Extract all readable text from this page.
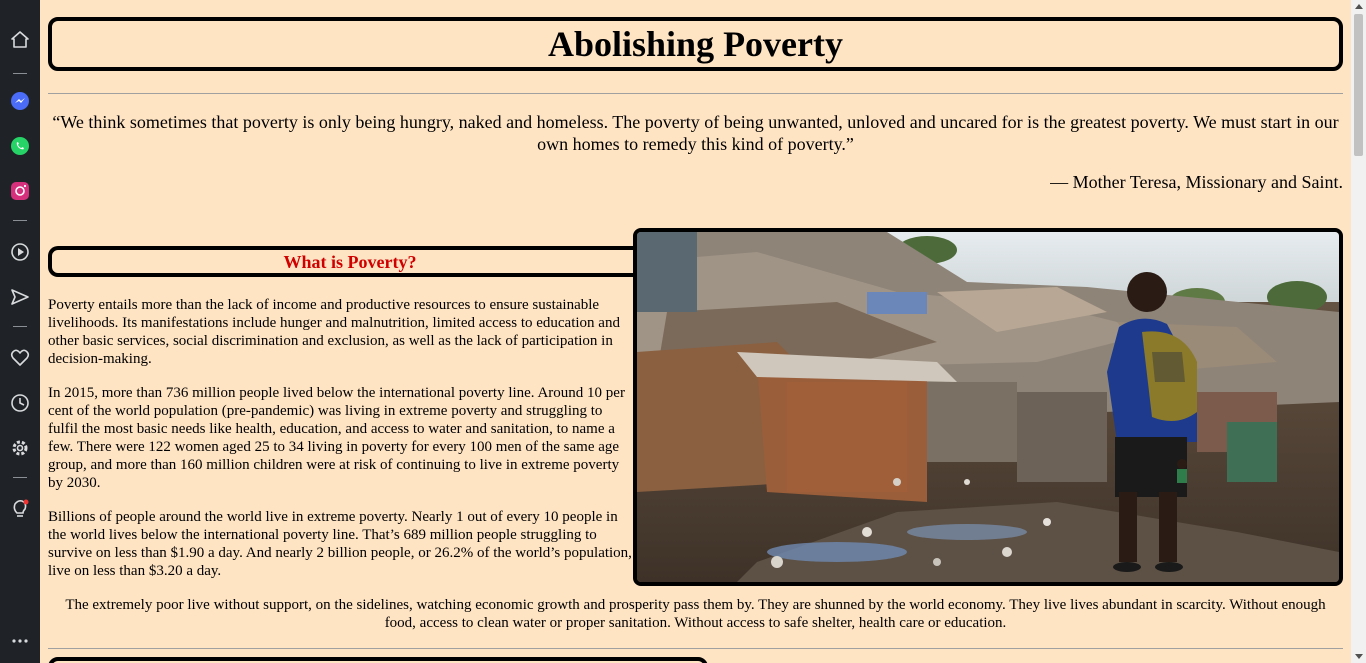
Abolishing Poverty

“We think sometimes that poverty is only being hungry, naked and homeless. The poverty of being unwanted, unloved and uncared for is the greatest poverty. We must start in our own homes to remedy this kind of poverty.”

— Mother Teresa, Missionary and Saint.

What is Poverty?

Poverty entails more than the lack of income and productive resources to ensure sustainable livelihoods. Its manifestations include hunger and malnutrition, limited access to education and other basic services, social discrimination and exclusion, as well as the lack of participation in decision-making.

In 2015, more than 736 million people lived below the international poverty line. Around 10 per cent of the world population (pre-pandemic) was living in extreme poverty and struggling to fulfil the most basic needs like health, education, and access to water and sanitation, to name a few. There were 122 women aged 25 to 34 living in poverty for every 100 men of the same age group, and more than 160 million children were at risk of continuing to live in extreme poverty by 2030.

Billions of people around the world live in extreme poverty. Nearly 1 out of every 10 people in the world lives below the international poverty line. That’s 689 million people struggling to survive on less than $1.90 a day. And nearly 2 billion people, or 26.2% of the world’s population, live on less than $3.20 a day.

The extremely poor live without support, on the sidelines, watching economic growth and prosperity pass them by. They are shunned by the world economy. They live lives abundant in scarcity. Without enough food, access to clean water or proper sanitation. Without access to safe shelter, health care or education.
